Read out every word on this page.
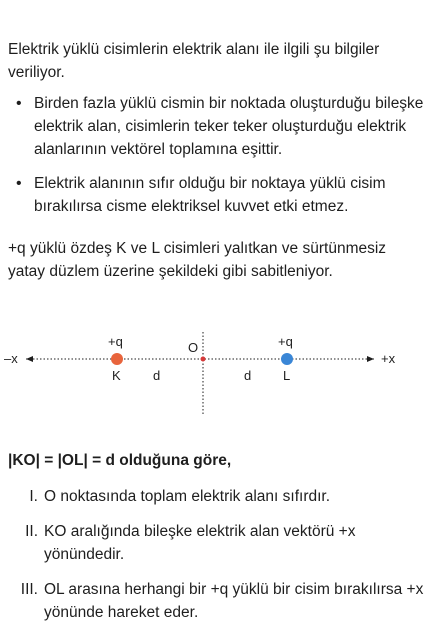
Elektrik yüklü cisimlerin elektrik alanı ile ilgili şu bilgiler veriliyor.

• Birden fazla yüklü cismin bir noktada oluşturduğu bileşke elektrik alan, cisimlerin teker teker oluşturduğu elektrik alanlarının vektörel toplamına eşittir.
• Elektrik alanının sıfır olduğu bir noktaya yüklü cisim bırakılırsa cisme elektriksel kuvvet etki etmez.

+q yüklü özdeş K ve L cisimleri yalıtkan ve sürtünmesiz yatay düzlem üzerine şekildeki gibi sabitleniyor.

–x	+x
+q	+q
O
K	L
d	d
|KO| = |OL| = d olduğuna göre,
I. O noktasında toplam elektrik alanı sıfırdır.
II. KO aralığında bileşke elektrik alan vektörü +x yönündedir.
III. OL arasına herhangi bir +q yüklü bir cisim bırakılırsa +x yönünde hareket eder.
